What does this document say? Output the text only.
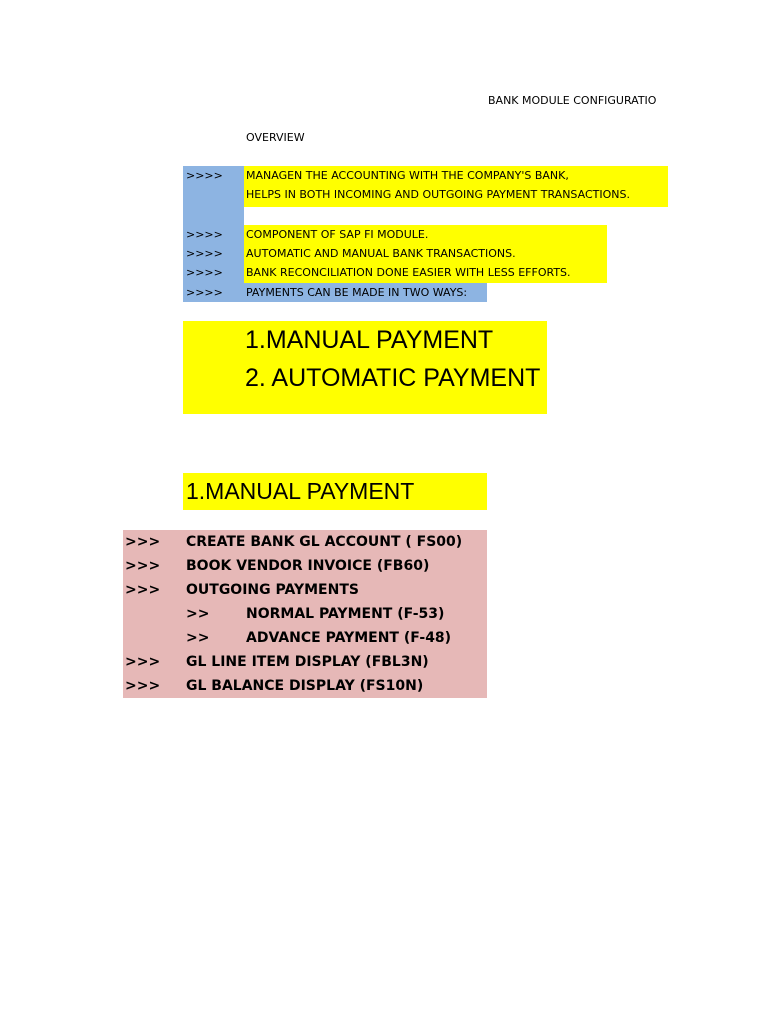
BANK MODULE CONFIGURATIO
OVERVIEW
>>>> MANAGEN THE ACCOUNTING WITH THE COMPANY'S BANK,
HELPS IN BOTH INCOMING AND OUTGOING PAYMENT TRANSACTIONS.
>>>> COMPONENT OF SAP FI MODULE.
>>>> AUTOMATIC AND MANUAL BANK TRANSACTIONS.
>>>> BANK RECONCILIATION DONE EASIER WITH LESS EFFORTS.
>>>> PAYMENTS CAN BE MADE IN TWO WAYS:
1.MANUAL PAYMENT
2. AUTOMATIC PAYMENT
1.MANUAL PAYMENT
>>> CREATE BANK GL ACCOUNT ( FS00)
>>> BOOK VENDOR INVOICE (FB60)
>>> OUTGOING PAYMENTS
>>	NORMAL PAYMENT (F-53)
>>	ADVANCE PAYMENT (F-48)
>>> GL LINE ITEM DISPLAY (FBL3N)
>>> GL BALANCE DISPLAY (FS10N)
